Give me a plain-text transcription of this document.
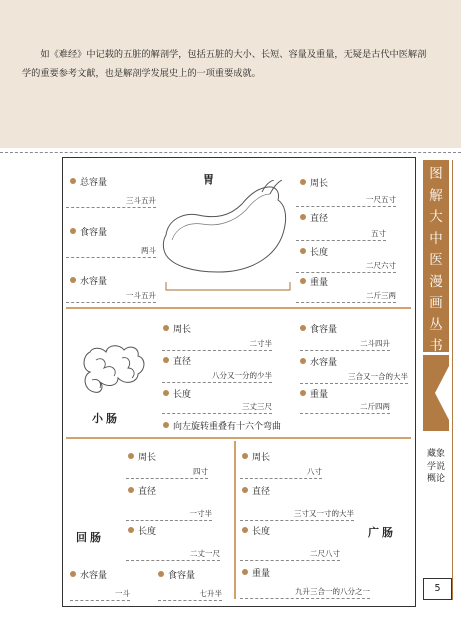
如《难经》中记载的五脏的解剖学，包括五脏的大小、长短、容量及重量，无疑是古代中医解剖学的重要参考文献，也是解剖学发展史上的一项重要成就。

胃
总容量
三斗五升
食容量
两斗
水容量
一斗五升
周长
一尺五寸
直径
五寸
长度
二尺六寸
重量
二斤三两
小肠
周长
二寸半
直径
八分又一分的少半
长度
三丈三尺
食容量
二斗四升
水容量
三合又一合的大半
重量
二斤四两
向左旋转重叠有十六个弯曲
周长
四寸
直径
一寸半
长度
二丈一尺
回肠
水容量
一斗
食容量
七升半
周长
八寸
直径
三寸又一寸的大半
长度
二尺八寸
广肠
重量
九升三合一的八分之一
图解大中医漫画丛书
藏象学说概论
5
